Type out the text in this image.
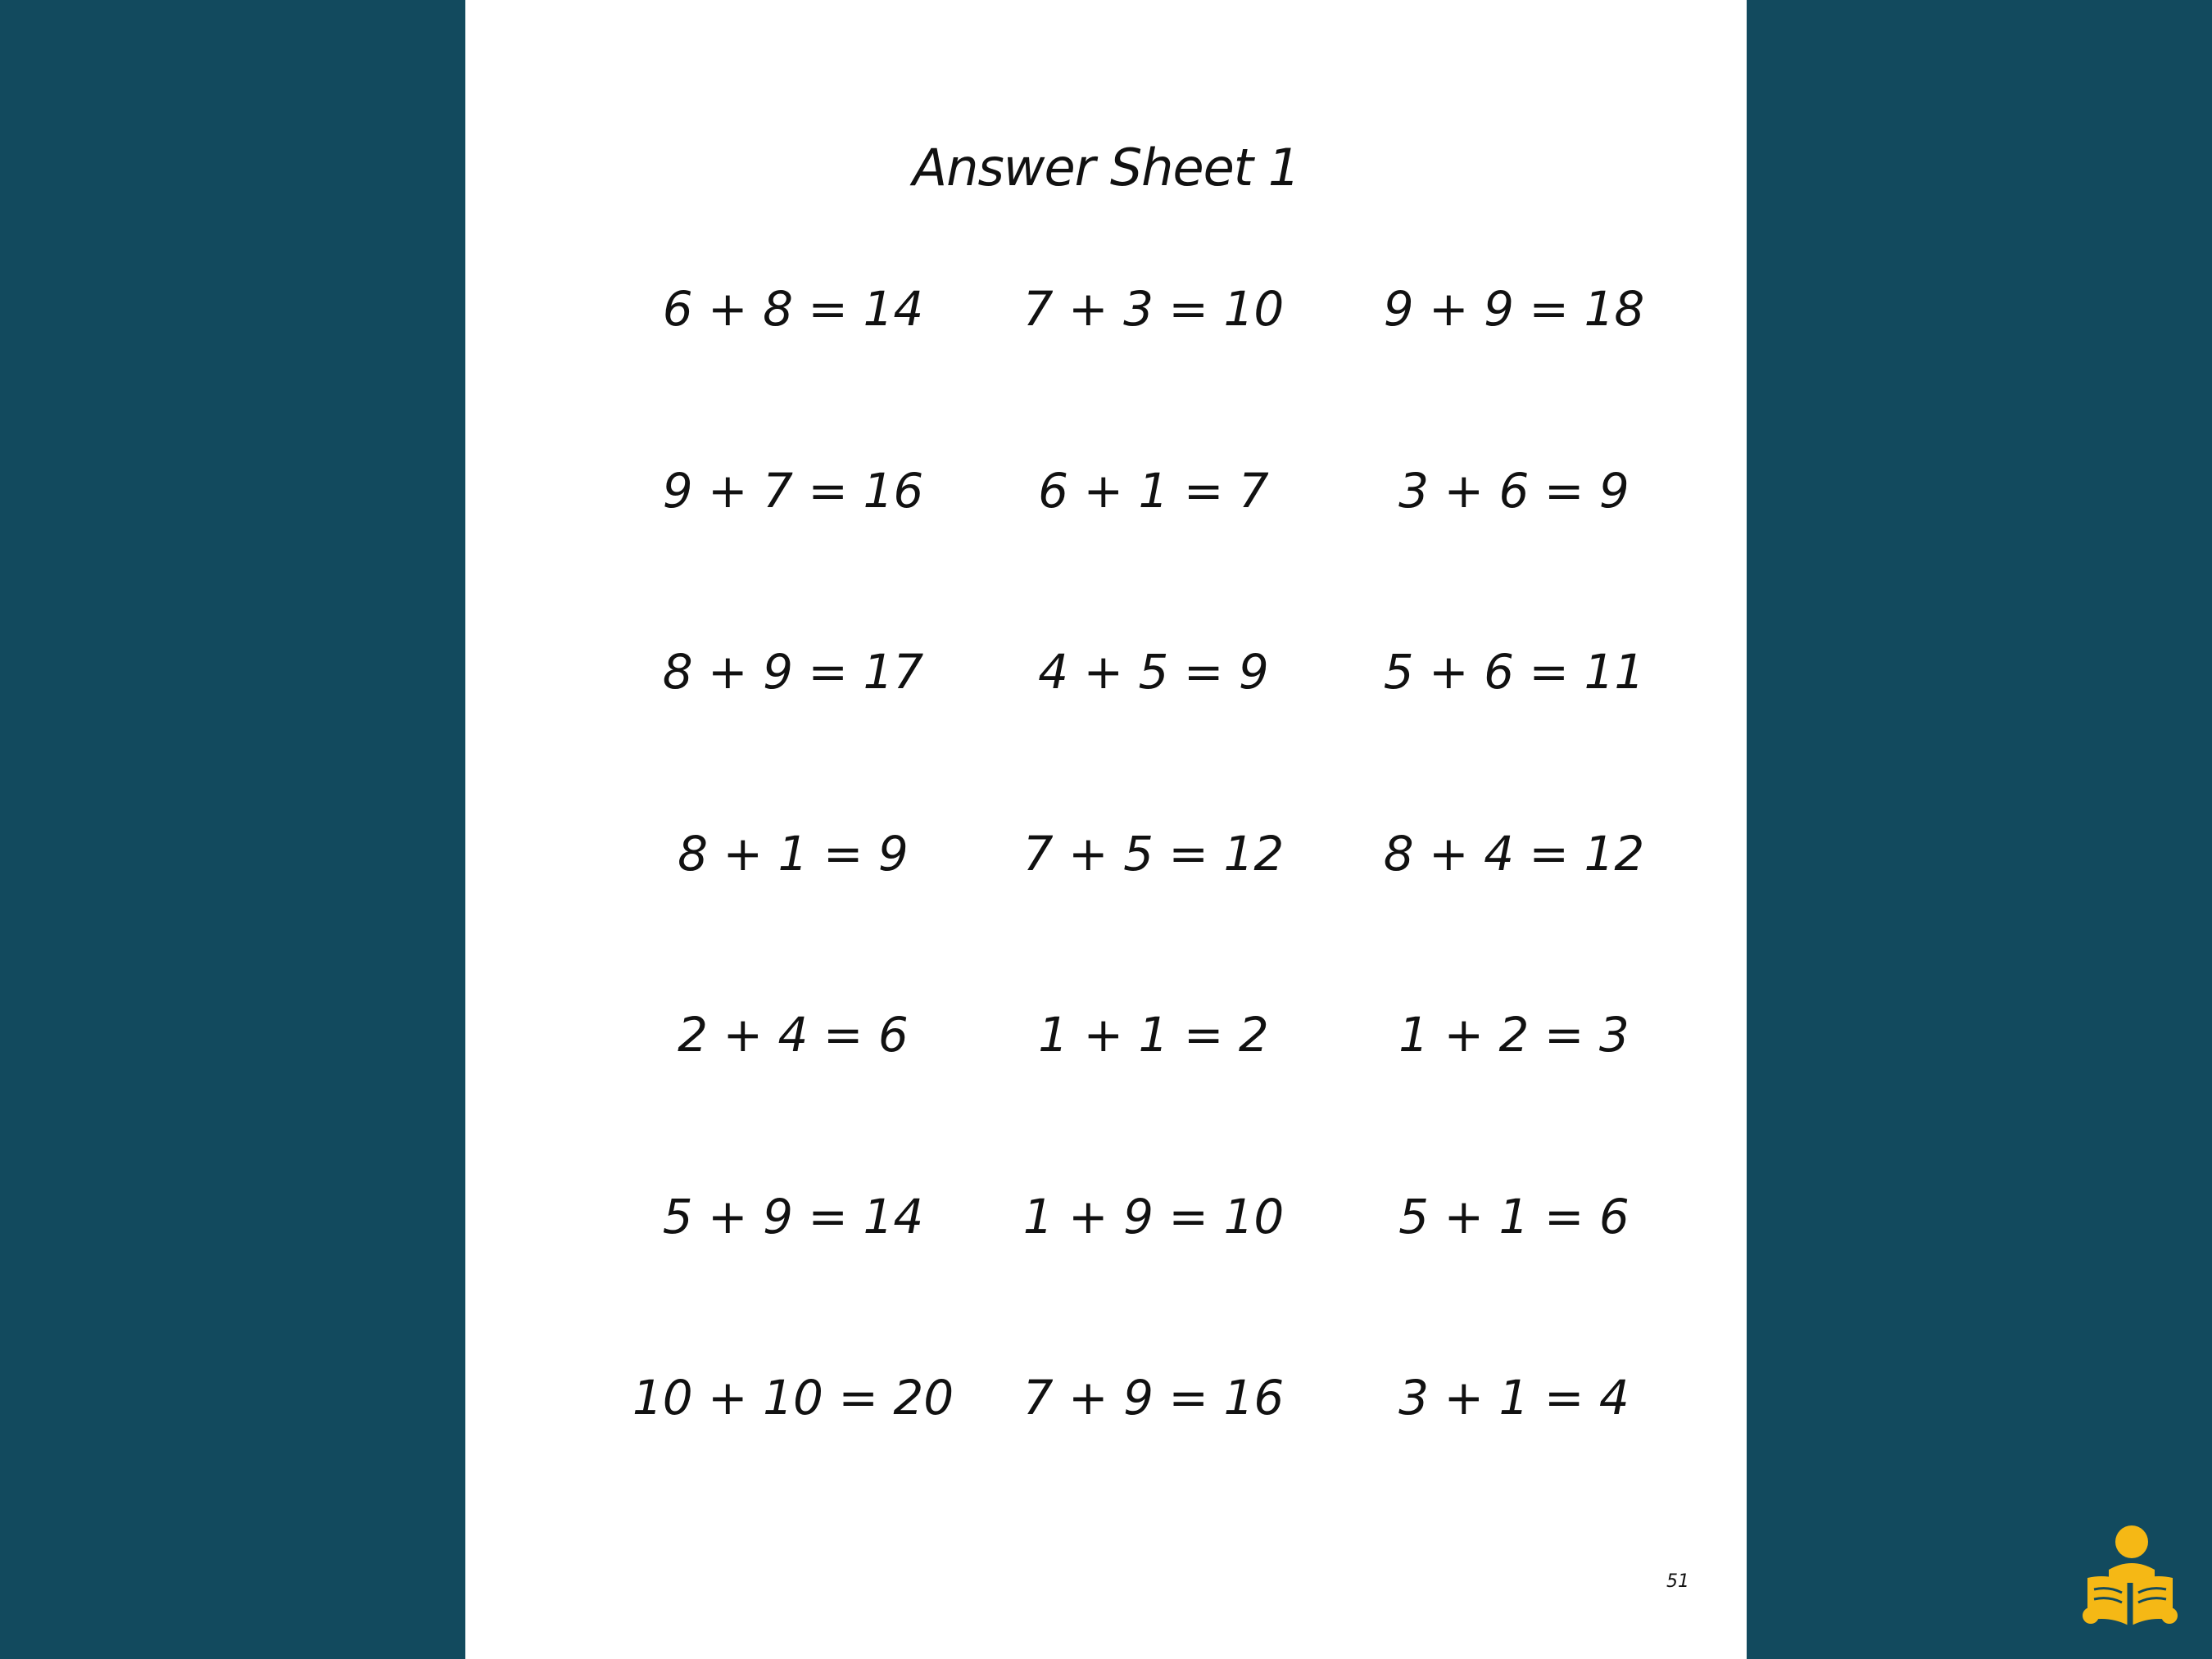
Answer Sheet 1
6 + 8 = 14	7 + 3 = 10	9 + 9 = 18
9 + 7 = 16	6 + 1 = 7	3 + 6 = 9
8 + 9 = 17	4 + 5 = 9	5 + 6 = 11
8 + 1 = 9	7 + 5 = 12	8 + 4 = 12
2 + 4 = 6	1 + 1 = 2	1 + 2 = 3
5 + 9 = 14	1 + 9 = 10	5 + 1 = 6
10 + 10 = 20	7 + 9 = 16	3 + 1 = 4
51
